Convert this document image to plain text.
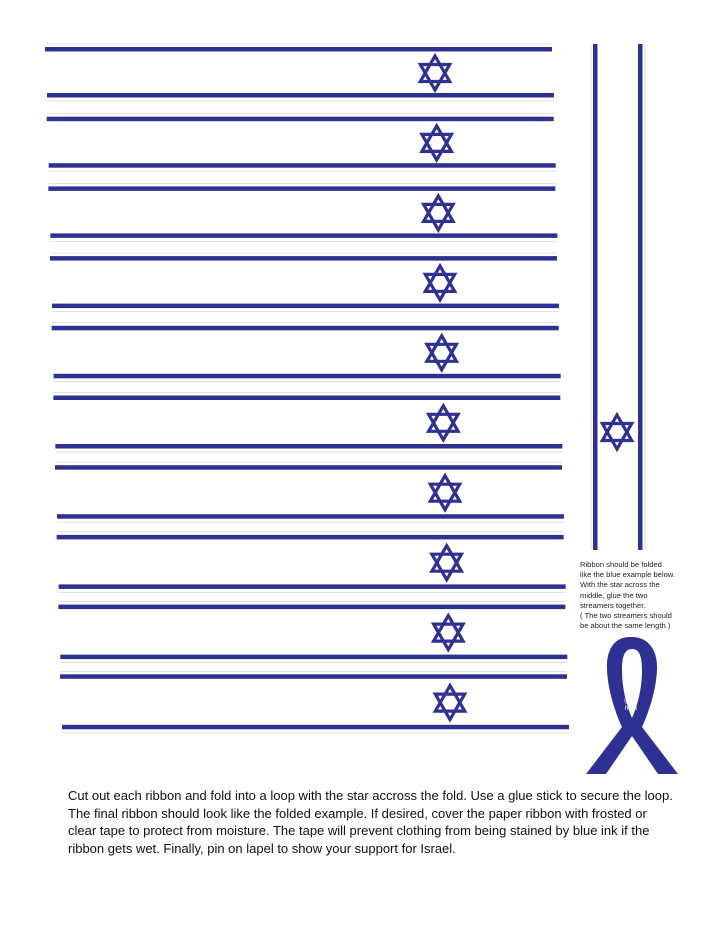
Ribbon should be folded
like the blue example below.
With the star across the
middle, glue the two
streamers together.
( The two streamers should
be about the same length.)
Star
goes
here
Cut out each ribbon and fold into a loop with the star accross the fold. Use a glue stick to secure the loop.
The final ribbon should look like the folded example. If desired, cover the paper ribbon with frosted or
clear tape to protect from moisture. The tape will prevent clothing from being stained by blue ink if the
ribbon gets wet. Finally, pin on lapel to show your support for Israel.
